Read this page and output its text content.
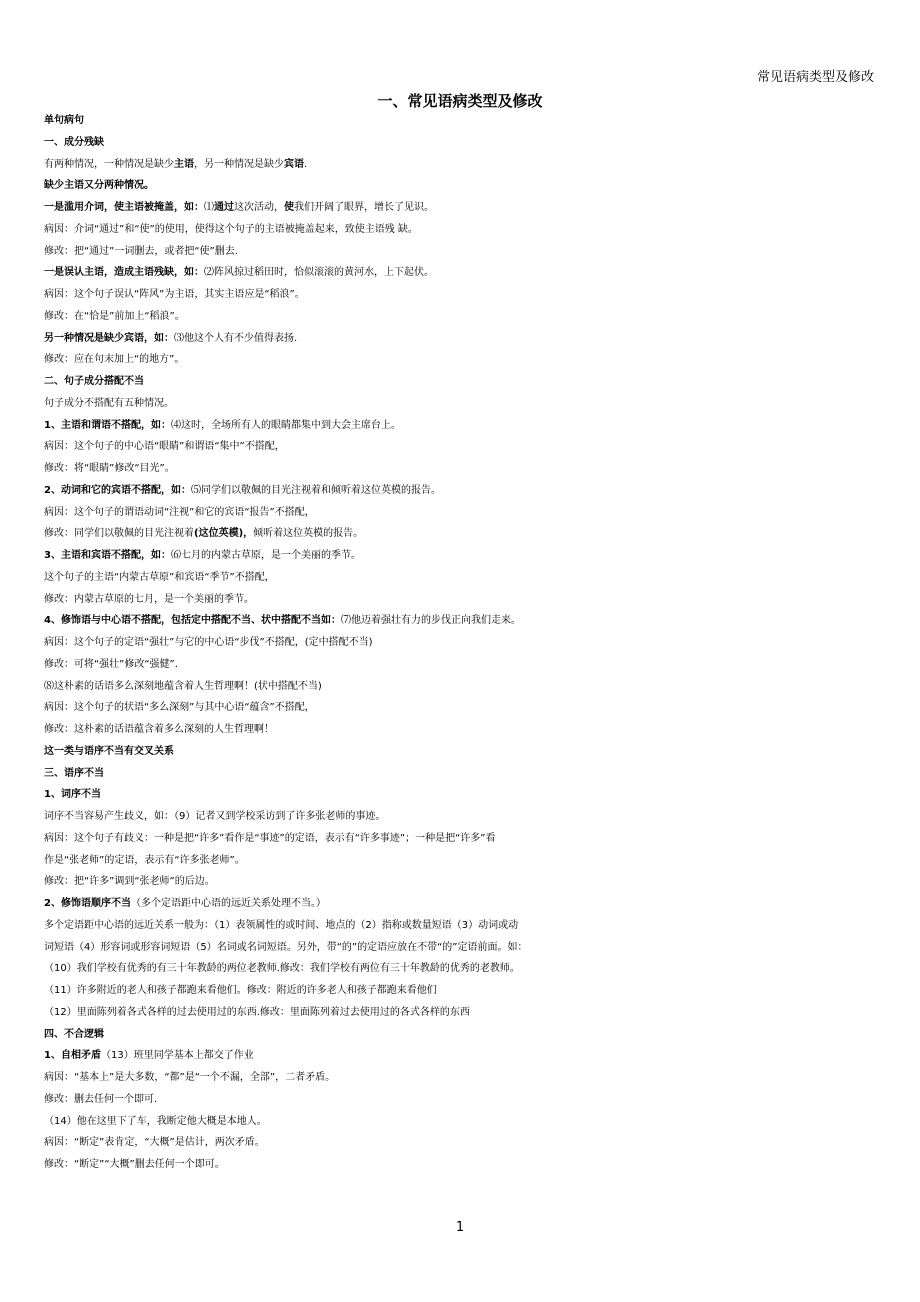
常见语病类型及修改
一、常见语病类型及修改
单句病句
一、成分残缺
有两种情况，一种情况是缺少主语，另一种情况是缺少宾语.
缺少主语又分两种情况。
一是滥用介词，使主语被掩盖，如：⑴通过这次活动，使我们开阔了眼界，增长了见识。
病因：介词“通过”和“使”的使用，使得这个句子的主语被掩盖起来，致使主语残 缺。
修改：把“通过”一词删去，或者把“使”删去.
一是误认主语，造成主语残缺，如：⑵阵风掠过稻田时，恰似滚滚的黄河水，上下起伏。
病因：这个句子误认“阵风”为主语，其实主语应是“稻浪”。
修改：在“恰是”前加上“稻浪”。
另一种情况是缺少宾语，如：⑶他这个人有不少值得表扬.
修改：应在句末加上“的地方”。
二、句子成分搭配不当
句子成分不搭配有五种情况。
1、主语和谓语不搭配，如：⑷这时，全场所有人的眼睛都集中到大会主席台上。
病因：这个句子的中心语“眼睛”和谓语“集中”不搭配，
修改：将“眼睛”修改“目光”。
2、动词和它的宾语不搭配，如：⑸同学们以敬佩的目光注视着和倾听着这位英模的报告。
病因：这个句子的谓语动词“注视”和它的宾语“报告”不搭配，
修改：同学们以敬佩的目光注视着(这位英模)，倾听着这位英模的报告。
3、主语和宾语不搭配，如：⑹七月的内蒙古草原，是一个美丽的季节。
这个句子的主语“内蒙古草原”和宾语“季节”不搭配，
修改：内蒙古草原的七月，是一个美丽的季节。
4、修饰语与中心语不搭配，包括定中搭配不当、状中搭配不当如：⑺他迈着强壮有力的步伐正向我们走来。
病因：这个句子的定语“强壮”与它的中心语“步伐”不搭配，(定中搭配不当)
修改：可将“强壮”修改“强健”.
⑻这朴素的话语多么深刻地蕴含着人生哲理啊！(状中搭配不当)
病因：这个句子的状语“多么深刻”与其中心语“蕴含”不搭配，
修改：这朴素的话语蕴含着多么深刻的人生哲理啊！
这一类与语序不当有交叉关系
三、语序不当
1、词序不当
词序不当容易产生歧义，如：（9）记者又到学校采访到了许多张老师的事迹。
病因：这个句子有歧义：一种是把“许多”看作是“事迹”的定语，表示有“许多事迹”；一种是把“许多”看
作是“张老师”的定语，表示有“许多张老师”。
修改：把“许多”调到“张老师”的后边。
2、修饰语顺序不当（多个定语距中心语的远近关系处理不当。）
多个定语距中心语的远近关系一般为：（1）表领属性的或时间、地点的（2）指称或数量短语（3）动词或动
词短语（4）形容词或形容词短语（5）名词或名词短语。另外，带“的”的定语应放在不带“的”定语前面。如：
（10）我们学校有优秀的有三十年教龄的两位老教师.修改：我们学校有两位有三十年教龄的优秀的老教师。
（11）许多附近的老人和孩子都跑来看他们。修改：附近的许多老人和孩子都跑来看他们
（12）里面陈列着各式各样的过去使用过的东西.修改：里面陈列着过去使用过的各式各样的东西
四、不合逻辑
1、自相矛盾（13）班里同学基本上都交了作业
病因：“基本上”是大多数，“都”是“一个不漏，全部”，二者矛盾。
修改：删去任何一个即可.
（14）他在这里下了车，我断定他大概是本地人。
病因：“断定”表肯定，“大概”是估计，两次矛盾。
修改：“断定”“大概”删去任何一个即可。
1
